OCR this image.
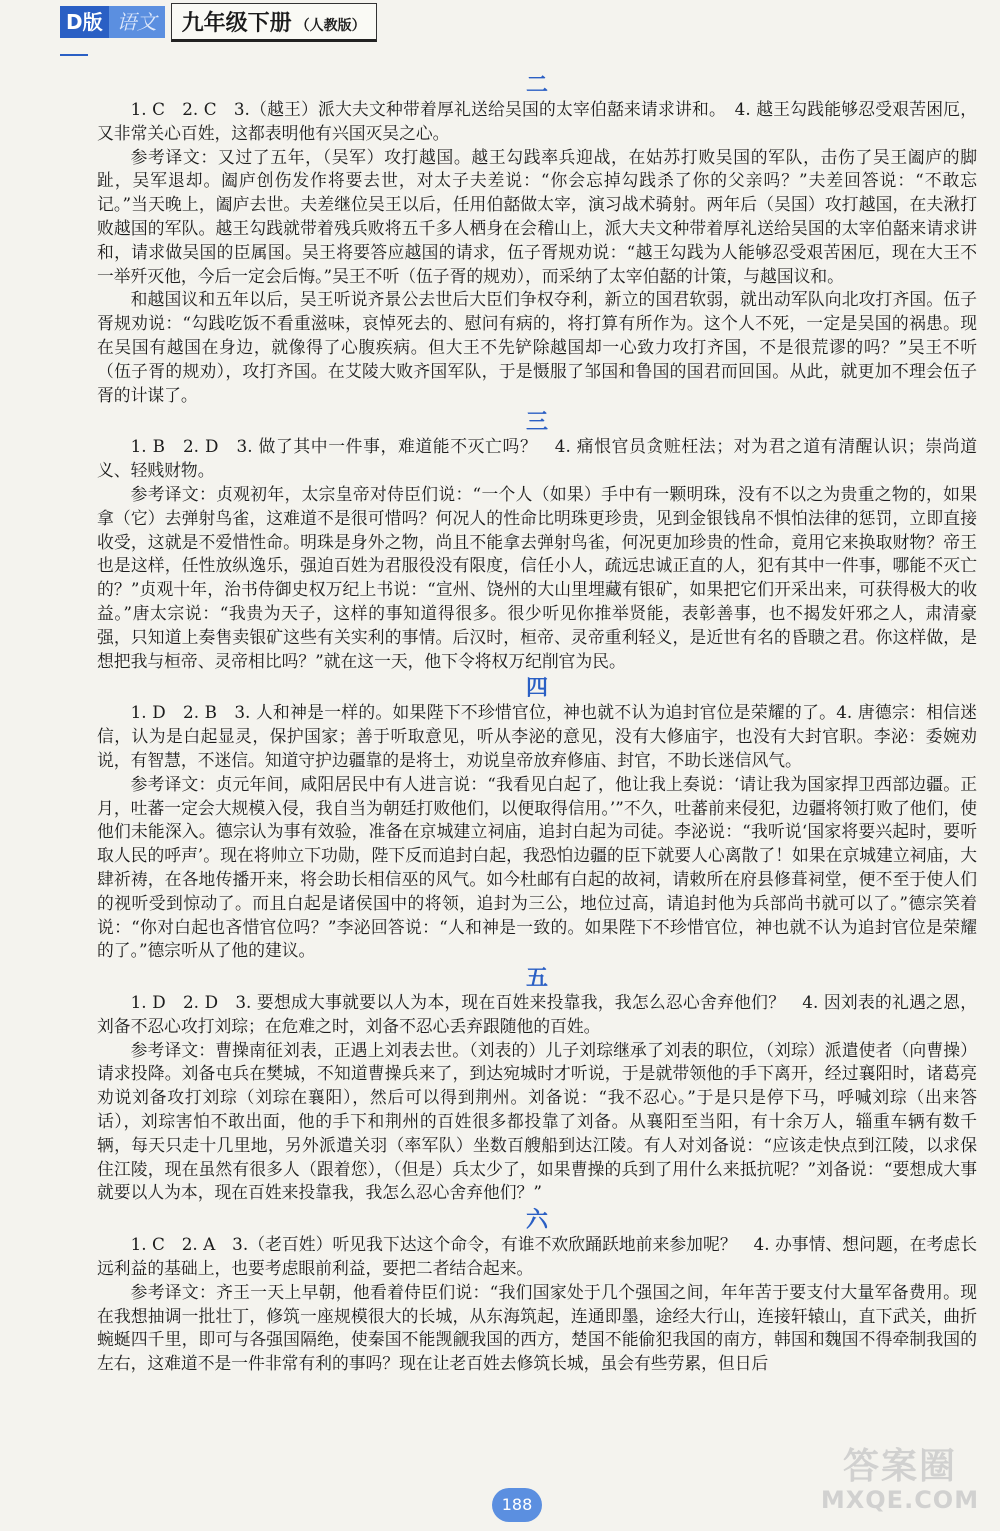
D版 语文	九年级下册 （人教版）
二

1. C　2. C　3.（越王）派大夫文种带着厚礼送给吴国的太宰伯嚭来请求讲和。　4. 越王勾践能够忍受艰苦困厄，又非常关心百姓，这都表明他有兴国灭吴之心。

参考译文：又过了五年，（吴军）攻打越国。越王勾践率兵迎战，在姑苏打败吴国的军队，击伤了吴王阖庐的脚趾，吴军退却。阖庐创伤发作将要去世，对太子夫差说：“你会忘掉勾践杀了你的父亲吗？”夫差回答说：“不敢忘记。”当天晚上，阖庐去世。夫差继位吴王以后，任用伯嚭做太宰，演习战术骑射。两年后（吴国）攻打越国，在夫湫打败越国的军队。越王勾践就带着残兵败将五千多人栖身在会稽山上，派大夫文种带着厚礼送给吴国的太宰伯嚭来请求讲和，请求做吴国的臣属国。吴王将要答应越国的请求，伍子胥规劝说：“越王勾践为人能够忍受艰苦困厄，现在大王不一举歼灭他，今后一定会后悔。”吴王不听（伍子胥的规劝），而采纳了太宰伯嚭的计策，与越国议和。

和越国议和五年以后，吴王听说齐景公去世后大臣们争权夺利，新立的国君软弱，就出动军队向北攻打齐国。伍子胥规劝说：“勾践吃饭不看重滋味，哀悼死去的、慰问有病的，将打算有所作为。这个人不死，一定是吴国的祸患。现在吴国有越国在身边，就像得了心腹疾病。但大王不先铲除越国却一心致力攻打齐国，不是很荒谬的吗？”吴王不听（伍子胥的规劝），攻打齐国。在艾陵大败齐国军队，于是慑服了邹国和鲁国的国君而回国。从此，就更加不理会伍子胥的计谋了。

三

1. B　2. D　3. 做了其中一件事，难道能不灭亡吗？　4. 痛恨官员贪赃枉法；对为君之道有清醒认识；崇尚道义、轻贱财物。

参考译文：贞观初年，太宗皇帝对侍臣们说：“一个人（如果）手中有一颗明珠，没有不以之为贵重之物的，如果拿（它）去弹射鸟雀，这难道不是很可惜吗？何况人的性命比明珠更珍贵，见到金银钱帛不惧怕法律的惩罚，立即直接收受，这就是不爱惜性命。明珠是身外之物，尚且不能拿去弹射鸟雀，何况更加珍贵的性命，竟用它来换取财物？帝王也是这样，任性放纵逸乐，强迫百姓为君服役没有限度，信任小人，疏远忠诚正直的人，犯有其中一件事，哪能不灭亡的？”贞观十年，治书侍御史权万纪上书说：“宣州、饶州的大山里埋藏有银矿，如果把它们开采出来，可获得极大的收益。”唐太宗说：“我贵为天子，这样的事知道得很多。很少听见你推举贤能，表彰善事，也不揭发奸邪之人，肃清豪强，只知道上奏售卖银矿这些有关实利的事情。后汉时，桓帝、灵帝重利轻义，是近世有名的昏聩之君。你这样做，是想把我与桓帝、灵帝相比吗？”就在这一天，他下令将权万纪削官为民。

四

1. D　2. B　3. 人和神是一样的。如果陛下不珍惜官位，神也就不认为追封官位是荣耀的了。4. 唐德宗：相信迷信，认为是白起显灵，保护国家；善于听取意见，听从李泌的意见，没有大修庙宇，也没有大封官职。李泌：委婉劝说，有智慧，不迷信。知道守护边疆靠的是将士，劝说皇帝放弃修庙、封官，不助长迷信风气。

参考译文：贞元年间，咸阳居民中有人进言说：“我看见白起了，他让我上奏说：‘请让我为国家捍卫西部边疆。正月，吐蕃一定会大规模入侵，我自当为朝廷打败他们，以便取得信用。’”不久，吐蕃前来侵犯，边疆将领打败了他们，使他们未能深入。德宗认为事有效验，准备在京城建立祠庙，追封白起为司徒。李泌说：“我听说‘国家将要兴起时，要听取人民的呼声’。现在将帅立下功勋，陛下反而追封白起，我恐怕边疆的臣下就要人心离散了！如果在京城建立祠庙，大肆祈祷，在各地传播开来，将会助长相信巫的风气。如今杜邮有白起的故祠，请敕所在府县修葺祠堂，便不至于使人们的视听受到惊动了。而且白起是诸侯国中的将领，追封为三公，地位过高，请追封他为兵部尚书就可以了。”德宗笑着说：“你对白起也吝惜官位吗？”李泌回答说：“人和神是一致的。如果陛下不珍惜官位，神也就不认为追封官位是荣耀的了。”德宗听从了他的建议。

五

1. D　2. D　3. 要想成大事就要以人为本，现在百姓来投靠我，我怎么忍心舍弃他们？　4. 因刘表的礼遇之恩，刘备不忍心攻打刘琮；在危难之时，刘备不忍心丢弃跟随他的百姓。

参考译文：曹操南征刘表，正遇上刘表去世。（刘表的）儿子刘琮继承了刘表的职位，（刘琮）派遣使者（向曹操）请求投降。刘备屯兵在樊城，不知道曹操兵来了，到达宛城时才听说，于是就带领他的手下离开，经过襄阳时，诸葛亮劝说刘备攻打刘琮（刘琮在襄阳），然后可以得到荆州。刘备说：“我不忍心。”于是只是停下马，呼喊刘琮（出来答话），刘琮害怕不敢出面，他的手下和荆州的百姓很多都投靠了刘备。从襄阳至当阳，有十余万人，辎重车辆有数千辆，每天只走十几里地，另外派遣关羽（率军队）坐数百艘船到达江陵。有人对刘备说：“应该走快点到江陵，以求保住江陵，现在虽然有很多人（跟着您），（但是）兵太少了，如果曹操的兵到了用什么来抵抗呢？”刘备说：“要想成大事就要以人为本，现在百姓来投靠我，我怎么忍心舍弃他们？”

六

1. C　2. A　3.（老百姓）听见我下达这个命令，有谁不欢欣踊跃地前来参加呢？　4. 办事情、想问题，在考虑长远利益的基础上，也要考虑眼前利益，要把二者结合起来。

参考译文：齐王一天上早朝，他看着侍臣们说：“我们国家处于几个强国之间，年年苦于要支付大量军备费用。现在我想抽调一批壮丁，修筑一座规模很大的长城，从东海筑起，连通即墨，途经大行山，连接轩辕山，直下武关，曲折蜿蜒四千里，即可与各强国隔绝，使秦国不能觊觎我国的西方，楚国不能偷犯我国的南方，韩国和魏国不得牵制我国的左右，这难道不是一件非常有利的事吗？现在让老百姓去修筑长城，虽会有些劳累，但日后

188
答案圈
MXQE.COM
